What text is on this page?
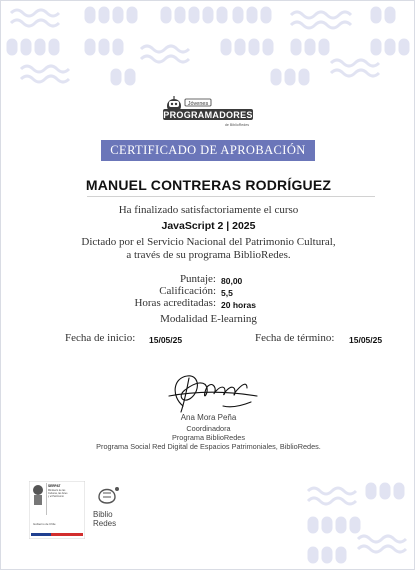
Jóvenes
PROGRAMADORES
de BiblioRedes
CERTIFICADO DE APROBACIÓN
MANUEL CONTRERAS RODRÍGUEZ
Ha finalizado satisfactoriamente el curso
JavaScript 2 | 2025
Dictado por el Servicio Nacional del Patrimonio Cultural,
a través de su programa BiblioRedes.
Puntaje: 80,00
Calificación: 5,5
Horas acreditadas: 20 horas
Modalidad E-learning
Fecha de inicio: 15/05/25	Fecha de término: 15/05/25
Ana Mora Peña
Coordinadora
Programa BiblioRedes
Programa Social Red Digital de Espacios Patrimoniales, BiblioRedes.
SERPAT
Ministerio de las
Culturas, las Artes
y el Patrimonio
Gobierno de Chile
Biblio
Redes
